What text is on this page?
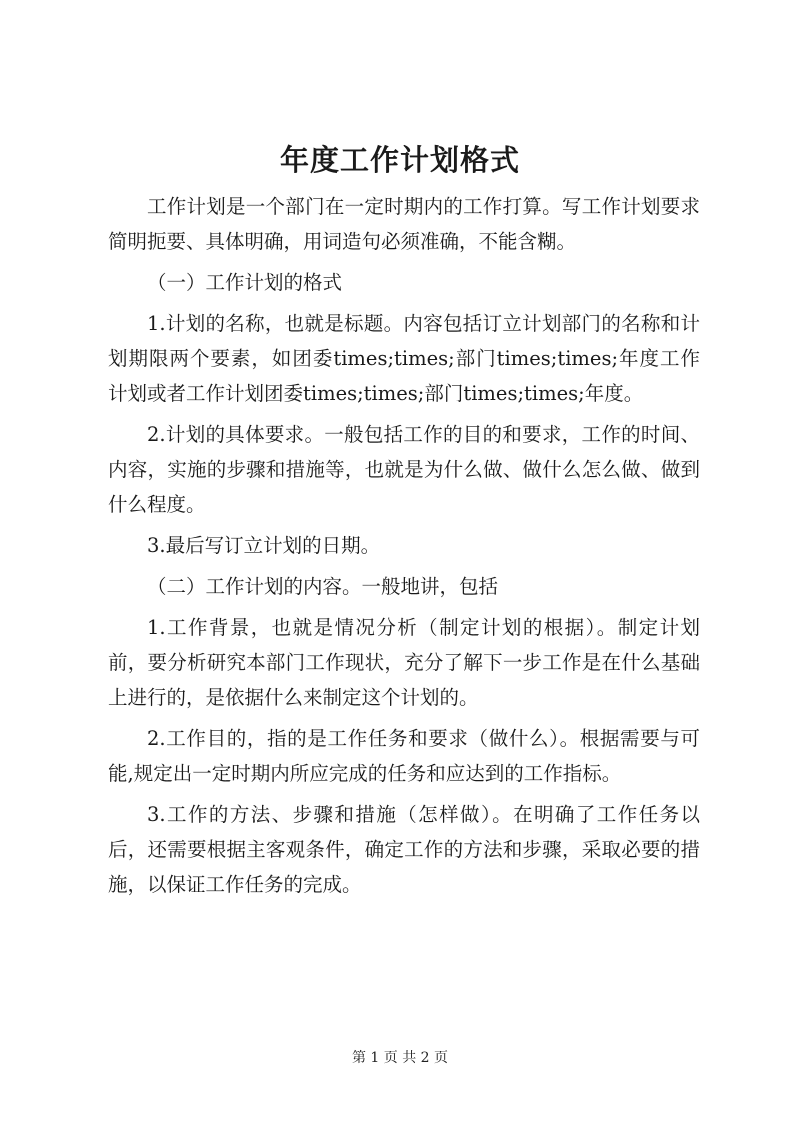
年度工作计划格式

工作计划是一个部门在一定时期内的工作打算。写工作计划要求简明扼要、具体明确，用词造句必须准确，不能含糊。

（一）工作计划的格式

1.计划的名称，也就是标题。内容包括订立计划部门的名称和计划期限两个要素，如团委times;times;部门times;times;年度工作计划或者工作计划团委times;times;部门times;times;年度。

2.计划的具体要求。一般包括工作的目的和要求，工作的时间、内容，实施的步骤和措施等，也就是为什么做、做什么怎么做、做到什么程度。

3.最后写订立计划的日期。

（二）工作计划的内容。一般地讲，包括

1.工作背景，也就是情况分析（制定计划的根据）。制定计划前，要分析研究本部门工作现状，充分了解下一步工作是在什么基础上进行的，是依据什么来制定这个计划的。

2.工作目的，指的是工作任务和要求（做什么）。根据需要与可能,规定出一定时期内所应完成的任务和应达到的工作指标。

3.工作的方法、步骤和措施（怎样做）。在明确了工作任务以后，还需要根据主客观条件，确定工作的方法和步骤，采取必要的措施，以保证工作任务的完成。

第 1 页 共 2 页
